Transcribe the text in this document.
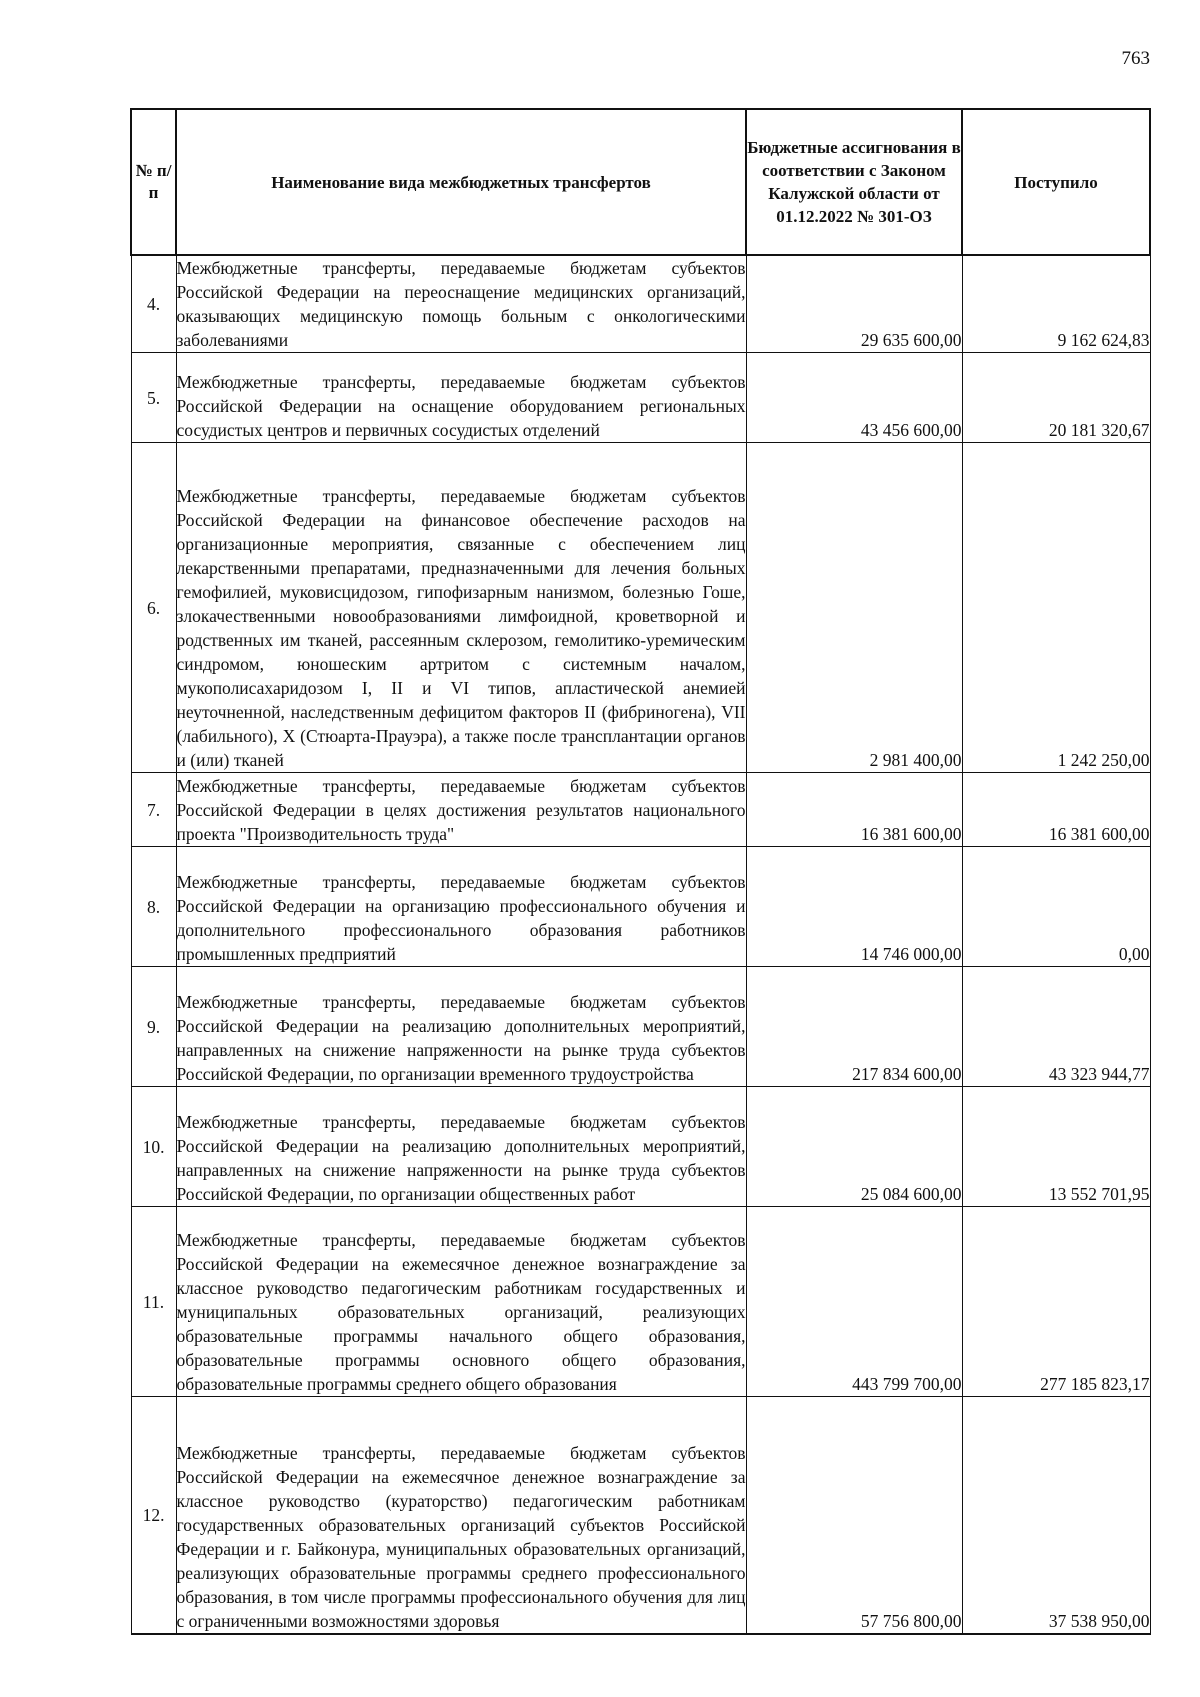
763
№ п/п	Наименование вида межбюджетных трансфертов	Бюджетные ассигнования в соответствии с Законом Калужской области от 01.12.2022 № 301-ОЗ	Поступило
4.	Межбюджетные трансферты, передаваемые бюджетам субъектов Российской Федерации на переоснащение медицинских организаций, оказывающих медицинскую помощь больным с онкологическими заболеваниями	29 635 600,00	9 162 624,83
5.	Межбюджетные трансферты, передаваемые бюджетам субъектов Российской Федерации на оснащение оборудованием региональных сосудистых центров и первичных сосудистых отделений	43 456 600,00	20 181 320,67
6.	Межбюджетные трансферты, передаваемые бюджетам субъектов Российской Федерации на финансовое обеспечение расходов на организационные мероприятия, связанные с обеспечением лиц лекарственными препаратами, предназначенными для лечения больных гемофилией, муковисцидозом, гипофизарным нанизмом, болезнью Гоше, злокачественными новообразованиями лимфоидной, кроветворной и родственных им тканей, рассеянным склерозом, гемолитико-уремическим синдромом, юношеским артритом с системным началом, мукополисахаридозом I, II и VI типов, апластической анемией неуточненной, наследственным дефицитом факторов II (фибриногена), VII (лабильного), X (Стюарта-Прауэра), а также после трансплантации органов и (или) тканей	2 981 400,00	1 242 250,00
7.	Межбюджетные трансферты, передаваемые бюджетам субъектов Российской Федерации в целях достижения результатов национального проекта "Производительность труда"	16 381 600,00	16 381 600,00
8.	Межбюджетные трансферты, передаваемые бюджетам субъектов Российской Федерации на организацию профессионального обучения и дополнительного профессионального образования работников промышленных предприятий	14 746 000,00	0,00
9.	Межбюджетные трансферты, передаваемые бюджетам субъектов Российской Федерации на реализацию дополнительных мероприятий, направленных на снижение напряженности на рынке труда субъектов Российской Федерации, по организации временного трудоустройства	217 834 600,00	43 323 944,77
10.	Межбюджетные трансферты, передаваемые бюджетам субъектов Российской Федерации на реализацию дополнительных мероприятий, направленных на снижение напряженности на рынке труда субъектов Российской Федерации, по организации общественных работ	25 084 600,00	13 552 701,95
11.	Межбюджетные трансферты, передаваемые бюджетам субъектов Российской Федерации на ежемесячное денежное вознаграждение за классное руководство педагогическим работникам государственных и муниципальных образовательных организаций, реализующих образовательные программы начального общего образования, образовательные программы основного общего образования, образовательные программы среднего общего образования	443 799 700,00	277 185 823,17
12.	Межбюджетные трансферты, передаваемые бюджетам субъектов Российской Федерации на ежемесячное денежное вознаграждение за классное руководство (кураторство) педагогическим работникам государственных образовательных организаций субъектов Российской Федерации и г. Байконура, муниципальных образовательных организаций, реализующих образовательные программы среднего профессионального образования, в том числе программы профессионального обучения для лиц с ограниченными возможностями здоровья	57 756 800,00	37 538 950,00
